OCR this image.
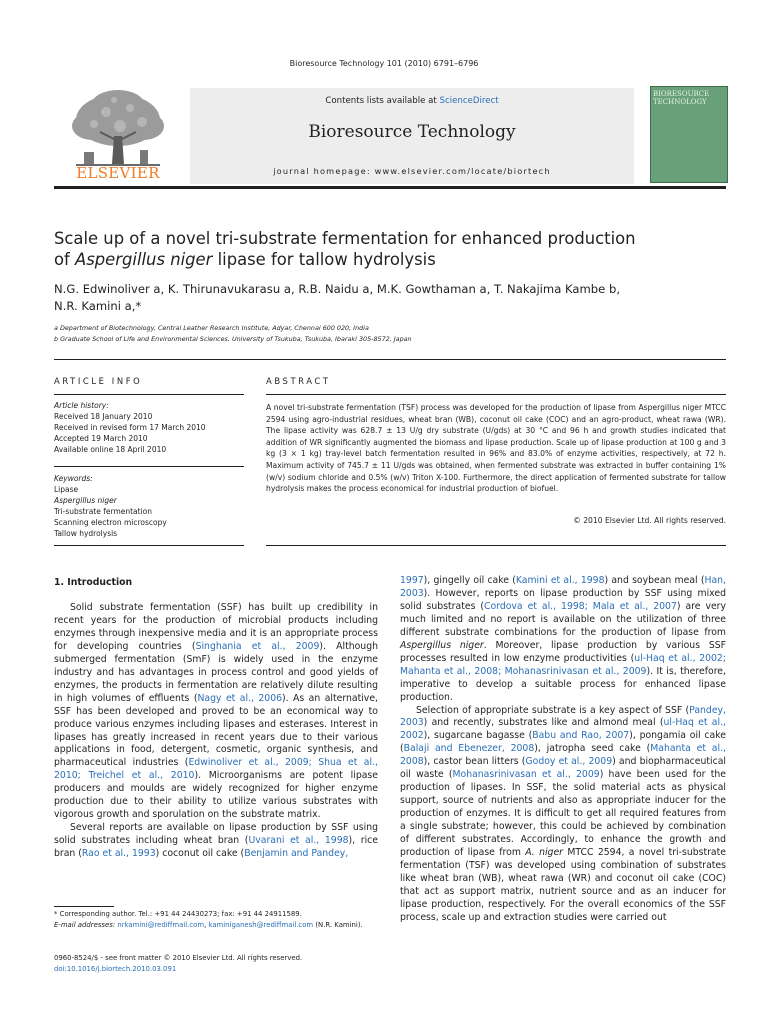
Bioresource Technology 101 (2010) 6791–6796
ELSEVIER
Contents lists available at ScienceDirect
Bioresource Technology
journal homepage: www.elsevier.com/locate/biortech
BIORESOURCE TECHNOLOGY
Scale up of a novel tri-substrate fermentation for enhanced production
of Aspergillus niger lipase for tallow hydrolysis
N.G. Edwinoliver a, K. Thirunavukarasu a, R.B. Naidu a, M.K. Gowthaman a, T. Nakajima Kambe b,
N.R. Kamini a,*
a Department of Biotechnology, Central Leather Research Institute, Adyar, Chennai 600 020, India
b Graduate School of Life and Environmental Sciences, University of Tsukuba, Tsukuba, Ibaraki 305-8572, Japan
ARTICLE INFO
Article history:
Received 18 January 2010
Received in revised form 17 March 2010
Accepted 19 March 2010
Available online 18 April 2010
Keywords:
Lipase
Aspergillus niger
Tri-substrate fermentation
Scanning electron microscopy
Tallow hydrolysis
ABSTRACT
A novel tri-substrate fermentation (TSF) process was developed for the production of lipase from Aspergillus niger MTCC 2594 using agro-industrial residues, wheat bran (WB), coconut oil cake (COC) and an agro-product, wheat rawa (WR). The lipase activity was 628.7 ± 13 U/g dry substrate (U/gds) at 30 °C and 96 h and growth studies indicated that addition of WR significantly augmented the biomass and lipase production. Scale up of lipase production at 100 g and 3 kg (3 × 1 kg) tray-level batch fermentation resulted in 96% and 83.0% of enzyme activities, respectively, at 72 h. Maximum activity of 745.7 ± 11 U/gds was obtained, when fermented substrate was extracted in buffer containing 1% (w/v) sodium chloride and 0.5% (w/v) Triton X-100. Furthermore, the direct application of fermented substrate for tallow hydrolysis makes the process economical for industrial production of biofuel.
© 2010 Elsevier Ltd. All rights reserved.
1. Introduction

Solid substrate fermentation (SSF) has built up credibility in recent years for the production of microbial products including enzymes through inexpensive media and it is an appropriate process for developing countries (Singhania et al., 2009). Although submerged fermentation (SmF) is widely used in the enzyme industry and has advantages in process control and good yields of enzymes, the products in fermentation are relatively dilute resulting in high volumes of effluents (Nagy et al., 2006). As an alternative, SSF has been developed and proved to be an economical way to produce various enzymes including lipases and esterases. Interest in lipases has greatly increased in recent years due to their various applications in food, detergent, cosmetic, organic synthesis, and pharmaceutical industries (Edwinoliver et al., 2009; Shua et al., 2010; Treichel et al., 2010). Microorganisms are potent lipase producers and moulds are widely recognized for higher enzyme production due to their ability to utilize various substrates with vigorous growth and sporulation on the substrate matrix.

Several reports are available on lipase production by SSF using solid substrates including wheat bran (Uvarani et al., 1998), rice bran (Rao et al., 1993) coconut oil cake (Benjamin and Pandey,

1997), gingelly oil cake (Kamini et al., 1998) and soybean meal (Han, 2003). However, reports on lipase production by SSF using mixed solid substrates (Cordova et al., 1998; Mala et al., 2007) are very much limited and no report is available on the utilization of three different substrate combinations for the production of lipase from Aspergillus niger. Moreover, lipase production by various SSF processes resulted in low enzyme productivities (ul-Haq et al., 2002; Mahanta et al., 2008; Mohanasrinivasan et al., 2009). It is, therefore, imperative to develop a suitable process for enhanced lipase production.

Selection of appropriate substrate is a key aspect of SSF (Pandey, 2003) and recently, substrates like and almond meal (ul-Haq et al., 2002), sugarcane bagasse (Babu and Rao, 2007), pongamia oil cake (Balaji and Ebenezer, 2008), jatropha seed cake (Mahanta et al., 2008), castor bean litters (Godoy et al., 2009) and biopharmaceutical oil waste (Mohanasrinivasan et al., 2009) have been used for the production of lipases. In SSF, the solid material acts as physical support, source of nutrients and also as appropriate inducer for the production of enzymes. It is difficult to get all required features from a single substrate; however, this could be achieved by combination of different substrates. Accordingly, to enhance the growth and production of lipase from A. niger MTCC 2594, a novel tri-substrate fermentation (TSF) was developed using combination of substrates like wheat bran (WB), wheat rawa (WR) and coconut oil cake (COC) that act as support matrix, nutrient source and as an inducer for lipase production, respectively. For the overall economics of the SSF process, scale up and extraction studies were carried out

* Corresponding author. Tel.: +91 44 24430273; fax: +91 44 24911589.
E-mail addresses: nrkamini@rediffmail.com, kaminiganesh@rediffmail.com (N.R. Kamini).
0960-8524/$ - see front matter © 2010 Elsevier Ltd. All rights reserved.
doi:10.1016/j.biortech.2010.03.091
